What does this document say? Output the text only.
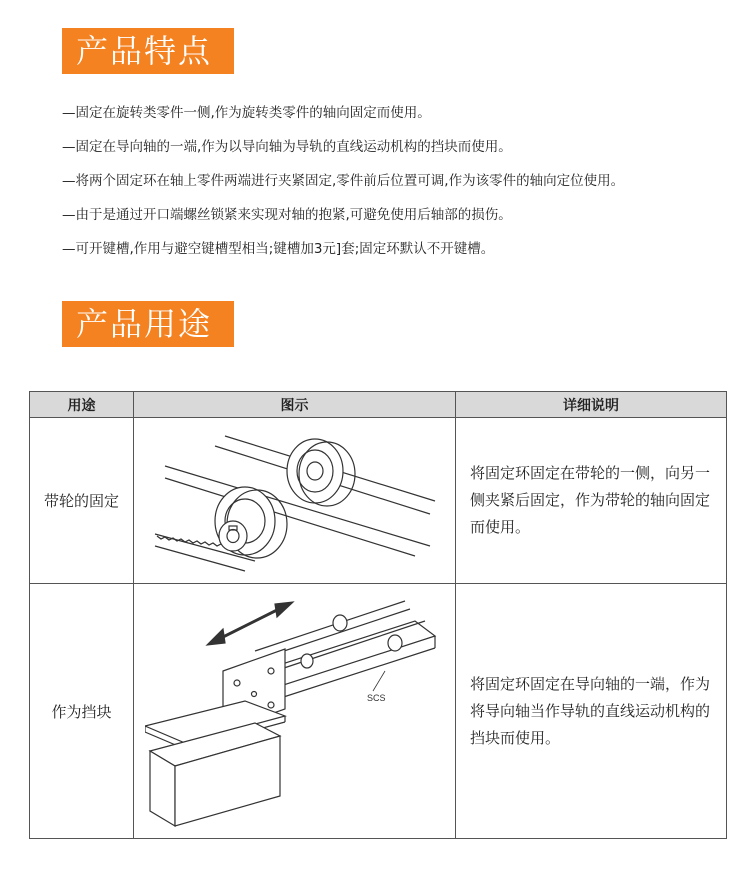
产品特点
—固定在旋转类零件一侧,作为旋转类零件的轴向固定而使用。
—固定在导向轴的一端,作为以导向轴为导轨的直线运动机构的挡块而使用。
—将两个固定环在轴上零件两端进行夹紧固定,零件前后位置可调,作为该零件的轴向定位使用。
—由于是通过开口端螺丝锁紧来实现对轴的抱紧,可避免使用后轴部的损伤。
—可开键槽,作用与避空键槽型相当;键槽加3元]套;固定环默认不开键槽。
产品用途
用途	图示	详细说明
带轮的固定		将固定环固定在带轮的一侧，向另一侧夹紧后固定，作为带轮的轴向固定而使用。
作为挡块	SCS	将固定环固定在导向轴的一端，作为将导向轴当作导轨的直线运动机构的挡块而使用。
